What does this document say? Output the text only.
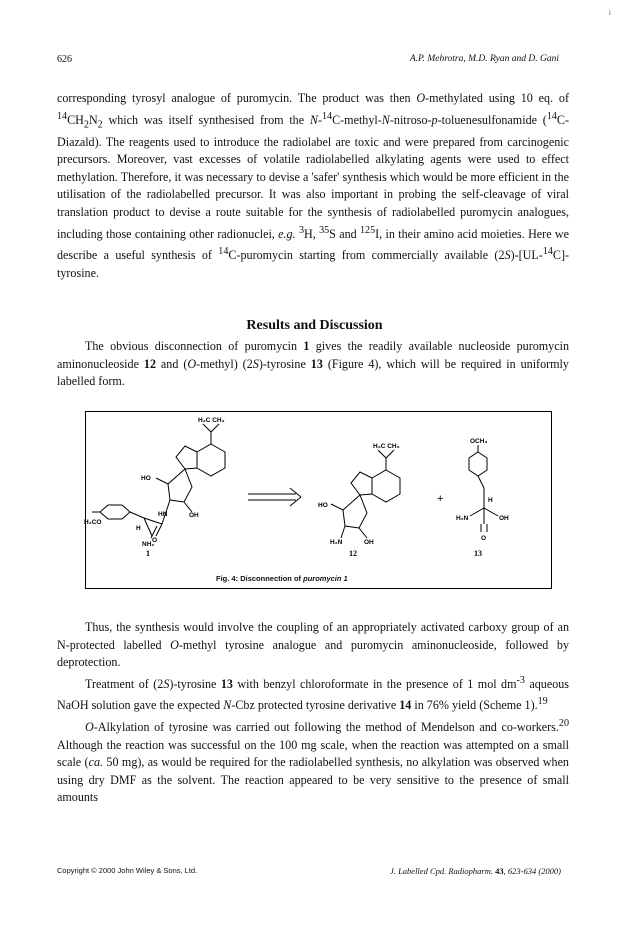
i
626	A.P. Mehrotra, M.D. Ryan and D. Gani

corresponding tyrosyl analogue of puromycin. The product was then O-methylated using 10 eq. of $^{14}CH_2N_2$ which was itself synthesised from the N-$^{14}$C-methyl-N-nitroso-p-toluenesulfonamide ($^{14}$C-Diazald). The reagents used to introduce the radiolabel are toxic and were prepared from carcinogenic precursors. Moreover, vast excesses of volatile radiolabelled alkylating agents were used to effect methylation. Therefore, it was necessary to devise a 'safer' synthesis which would be more efficient in the utilisation of the radiolabelled precursor. It was also important in probing the self-cleavage of viral translation product to devise a route suitable for the synthesis of radiolabelled puromycin analogues, including those containing other radionuclei, e.g. $^3$H, $^{35}$S and $^{125}$I, in their amino acid moieties. Here we describe a useful synthesis of $^{14}$C-puromycin starting from commercially available (2S)-[UL-$^{14}$C]-tyrosine.

Results and Discussion

The obvious disconnection of puromycin 1 gives the readily available nucleoside puromycin aminonucleoside 12 and (O-methyl) (2S)-tyrosine 13 (Figure 4), which will be required in uniformly labelled form.

H₃C CH₃
HO
HN	OH
H₃CO
H
O
NH₂
1
H₃C CH₃
HO
H₂N	OH
12
+
OCH₃
H
OH
H₂N
O
13
Fig. 4: Disconnection of puromycin 1

Thus, the synthesis would involve the coupling of an appropriately activated carboxy group of an N-protected labelled O-methyl tyrosine analogue and puromycin aminonucleoside, followed by deprotection.

Treatment of (2S)-tyrosine 13 with benzyl chloroformate in the presence of 1 mol $dm^{-3}$ aqueous NaOH solution gave the expected N-Cbz protected tyrosine derivative 14 in 76% yield (Scheme 1).$^{19}$

O-Alkylation of tyrosine was carried out following the method of Mendelson and co-workers.$^{20}$ Although the reaction was successful on the 100 mg scale, when the reaction was attempted on a small scale (ca. 50 mg), as would be required for the radiolabelled synthesis, no alkylation was observed when using dry DMF as the solvent. The reaction appeared to be very sensitive to the presence of small amounts

Copyright © 2000 John Wiley & Sons, Ltd.	J. Labelled Cpd. Radiopharm. 43, 623-634 (2000)
